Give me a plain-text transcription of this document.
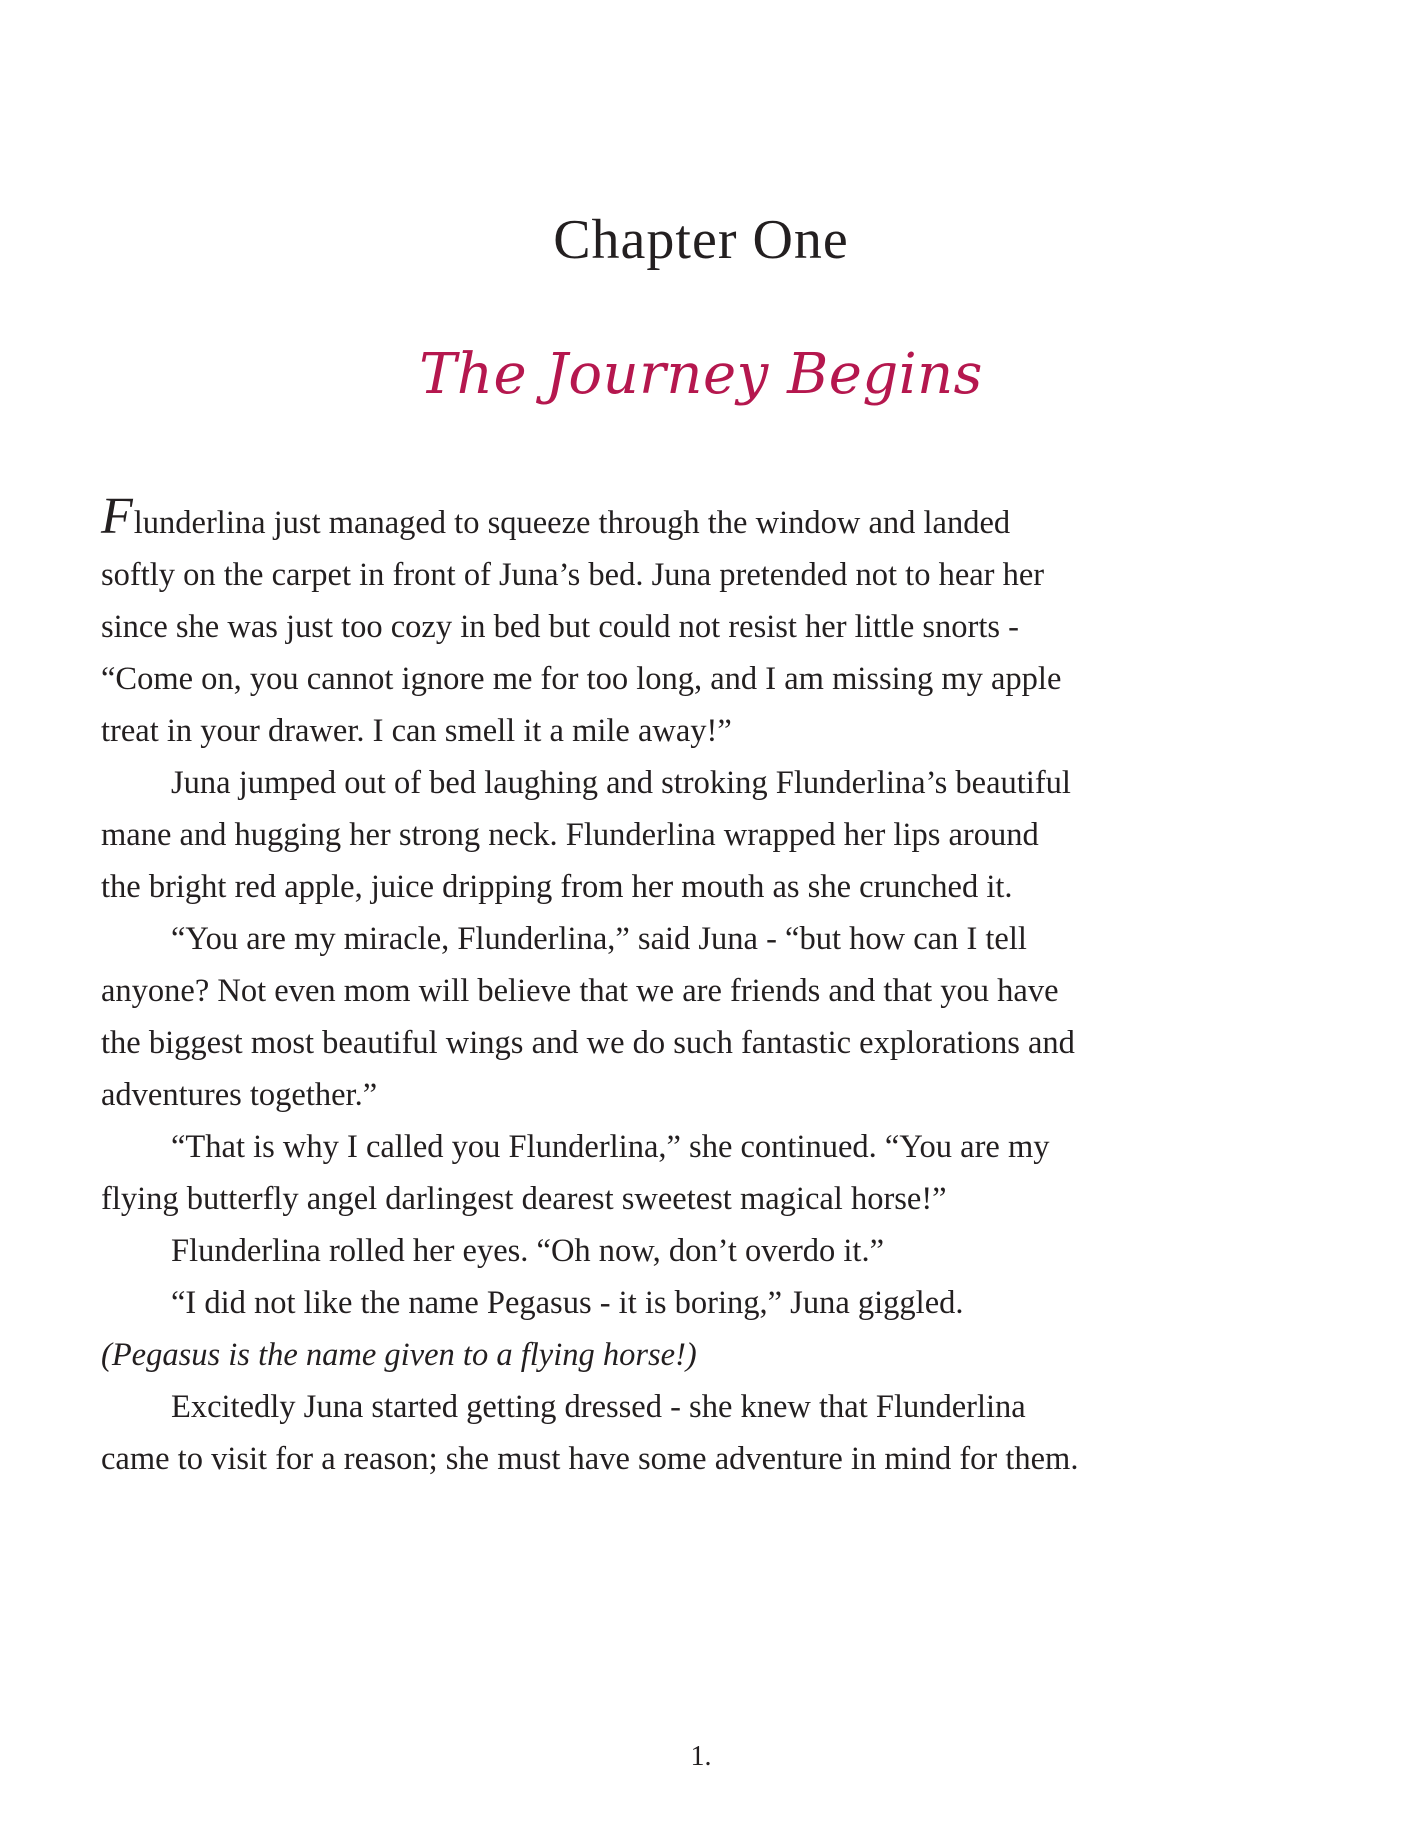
Chapter One
The Journey Begins
Flunderlina just managed to squeeze through the window and landed
softly on the carpet in front of Juna’s bed. Juna pretended not to hear her
since she was just too cozy in bed but could not resist her little snorts -
“Come on, you cannot ignore me for too long, and I am missing my apple
treat in your drawer. I can smell it a mile away!”
Juna jumped out of bed laughing and stroking Flunderlina’s beautiful
mane and hugging her strong neck. Flunderlina wrapped her lips around
the bright red apple, juice dripping from her mouth as she crunched it.
“You are my miracle, Flunderlina,” said Juna - “but how can I tell
anyone? Not even mom will believe that we are friends and that you have
the biggest most beautiful wings and we do such fantastic explorations and
adventures together.”
“That is why I called you Flunderlina,” she continued. “You are my
flying butterfly angel darlingest dearest sweetest magical horse!”
Flunderlina rolled her eyes. “Oh now, don’t overdo it.”
“I did not like the name Pegasus - it is boring,” Juna giggled.
(Pegasus is the name given to a flying horse!)
Excitedly Juna started getting dressed - she knew that Flunderlina
came to visit for a reason; she must have some adventure in mind for them.
1.
